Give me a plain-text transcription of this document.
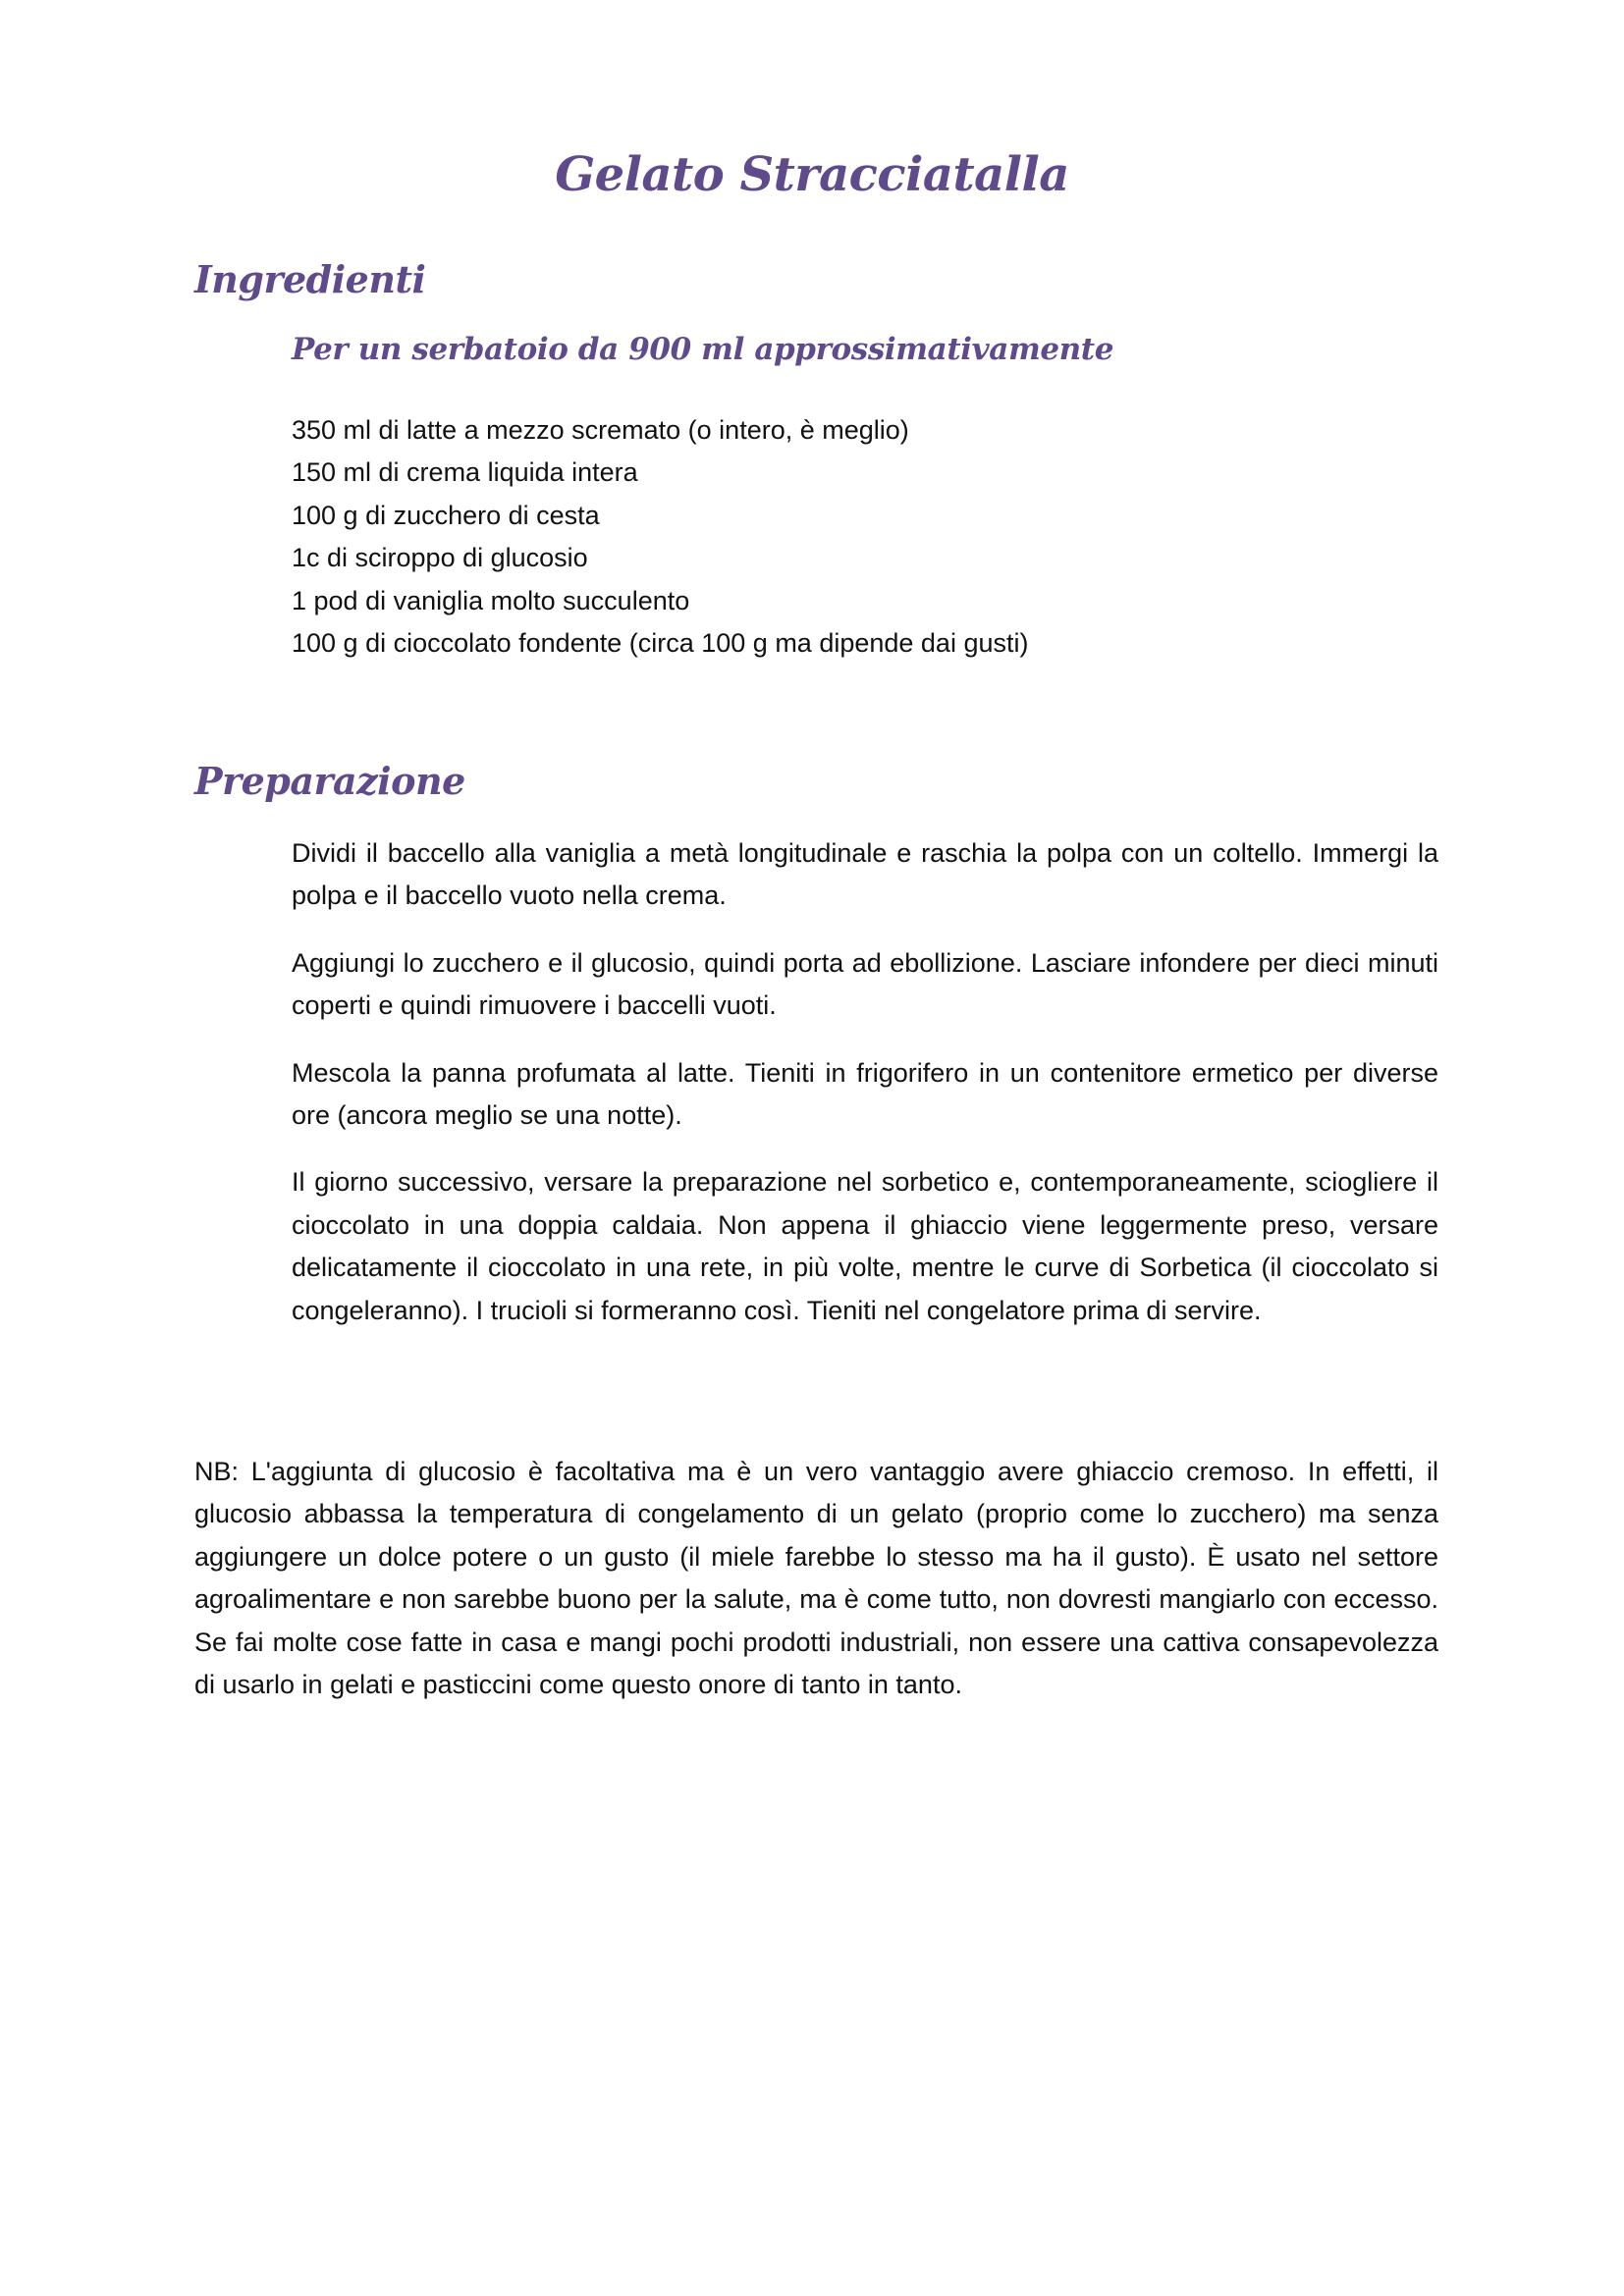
Gelato Stracciatalla
Ingredienti
Per un serbatoio da 900 ml approssimativamente
350 ml di latte a mezzo scremato (o intero, è meglio)
150 ml di crema liquida intera
100 g di zucchero di cesta
1c di sciroppo di glucosio
1 pod di vaniglia molto succulento
100 g di cioccolato fondente (circa 100 g ma dipende dai gusti)
Preparazione

Dividi il baccello alla vaniglia a metà longitudinale e raschia la polpa con un coltello. Immergi la polpa e il baccello vuoto nella crema.

Aggiungi lo zucchero e il glucosio, quindi porta ad ebollizione. Lasciare infondere per dieci minuti coperti e quindi rimuovere i baccelli vuoti.

Mescola la panna profumata al latte. Tieniti in frigorifero in un contenitore ermetico per diverse ore (ancora meglio se una notte).

Il giorno successivo, versare la preparazione nel sorbetico e, contemporaneamente, sciogliere il cioccolato in una doppia caldaia. Non appena il ghiaccio viene leggermente preso, versare delicatamente il cioccolato in una rete, in più volte, mentre le curve di Sorbetica (il cioccolato si congeleranno). I trucioli si formeranno così. Tieniti nel congelatore prima di servire.

NB: L'aggiunta di glucosio è facoltativa ma è un vero vantaggio avere ghiaccio cremoso. In effetti, il glucosio abbassa la temperatura di congelamento di un gelato (proprio come lo zucchero) ma senza aggiungere un dolce potere o un gusto (il miele farebbe lo stesso ma ha il gusto). È usato nel settore agroalimentare e non sarebbe buono per la salute, ma è come tutto, non dovresti mangiarlo con eccesso. Se fai molte cose fatte in casa e mangi pochi prodotti industriali, non essere una cattiva consapevolezza di usarlo in gelati e pasticcini come questo onore di tanto in tanto.
